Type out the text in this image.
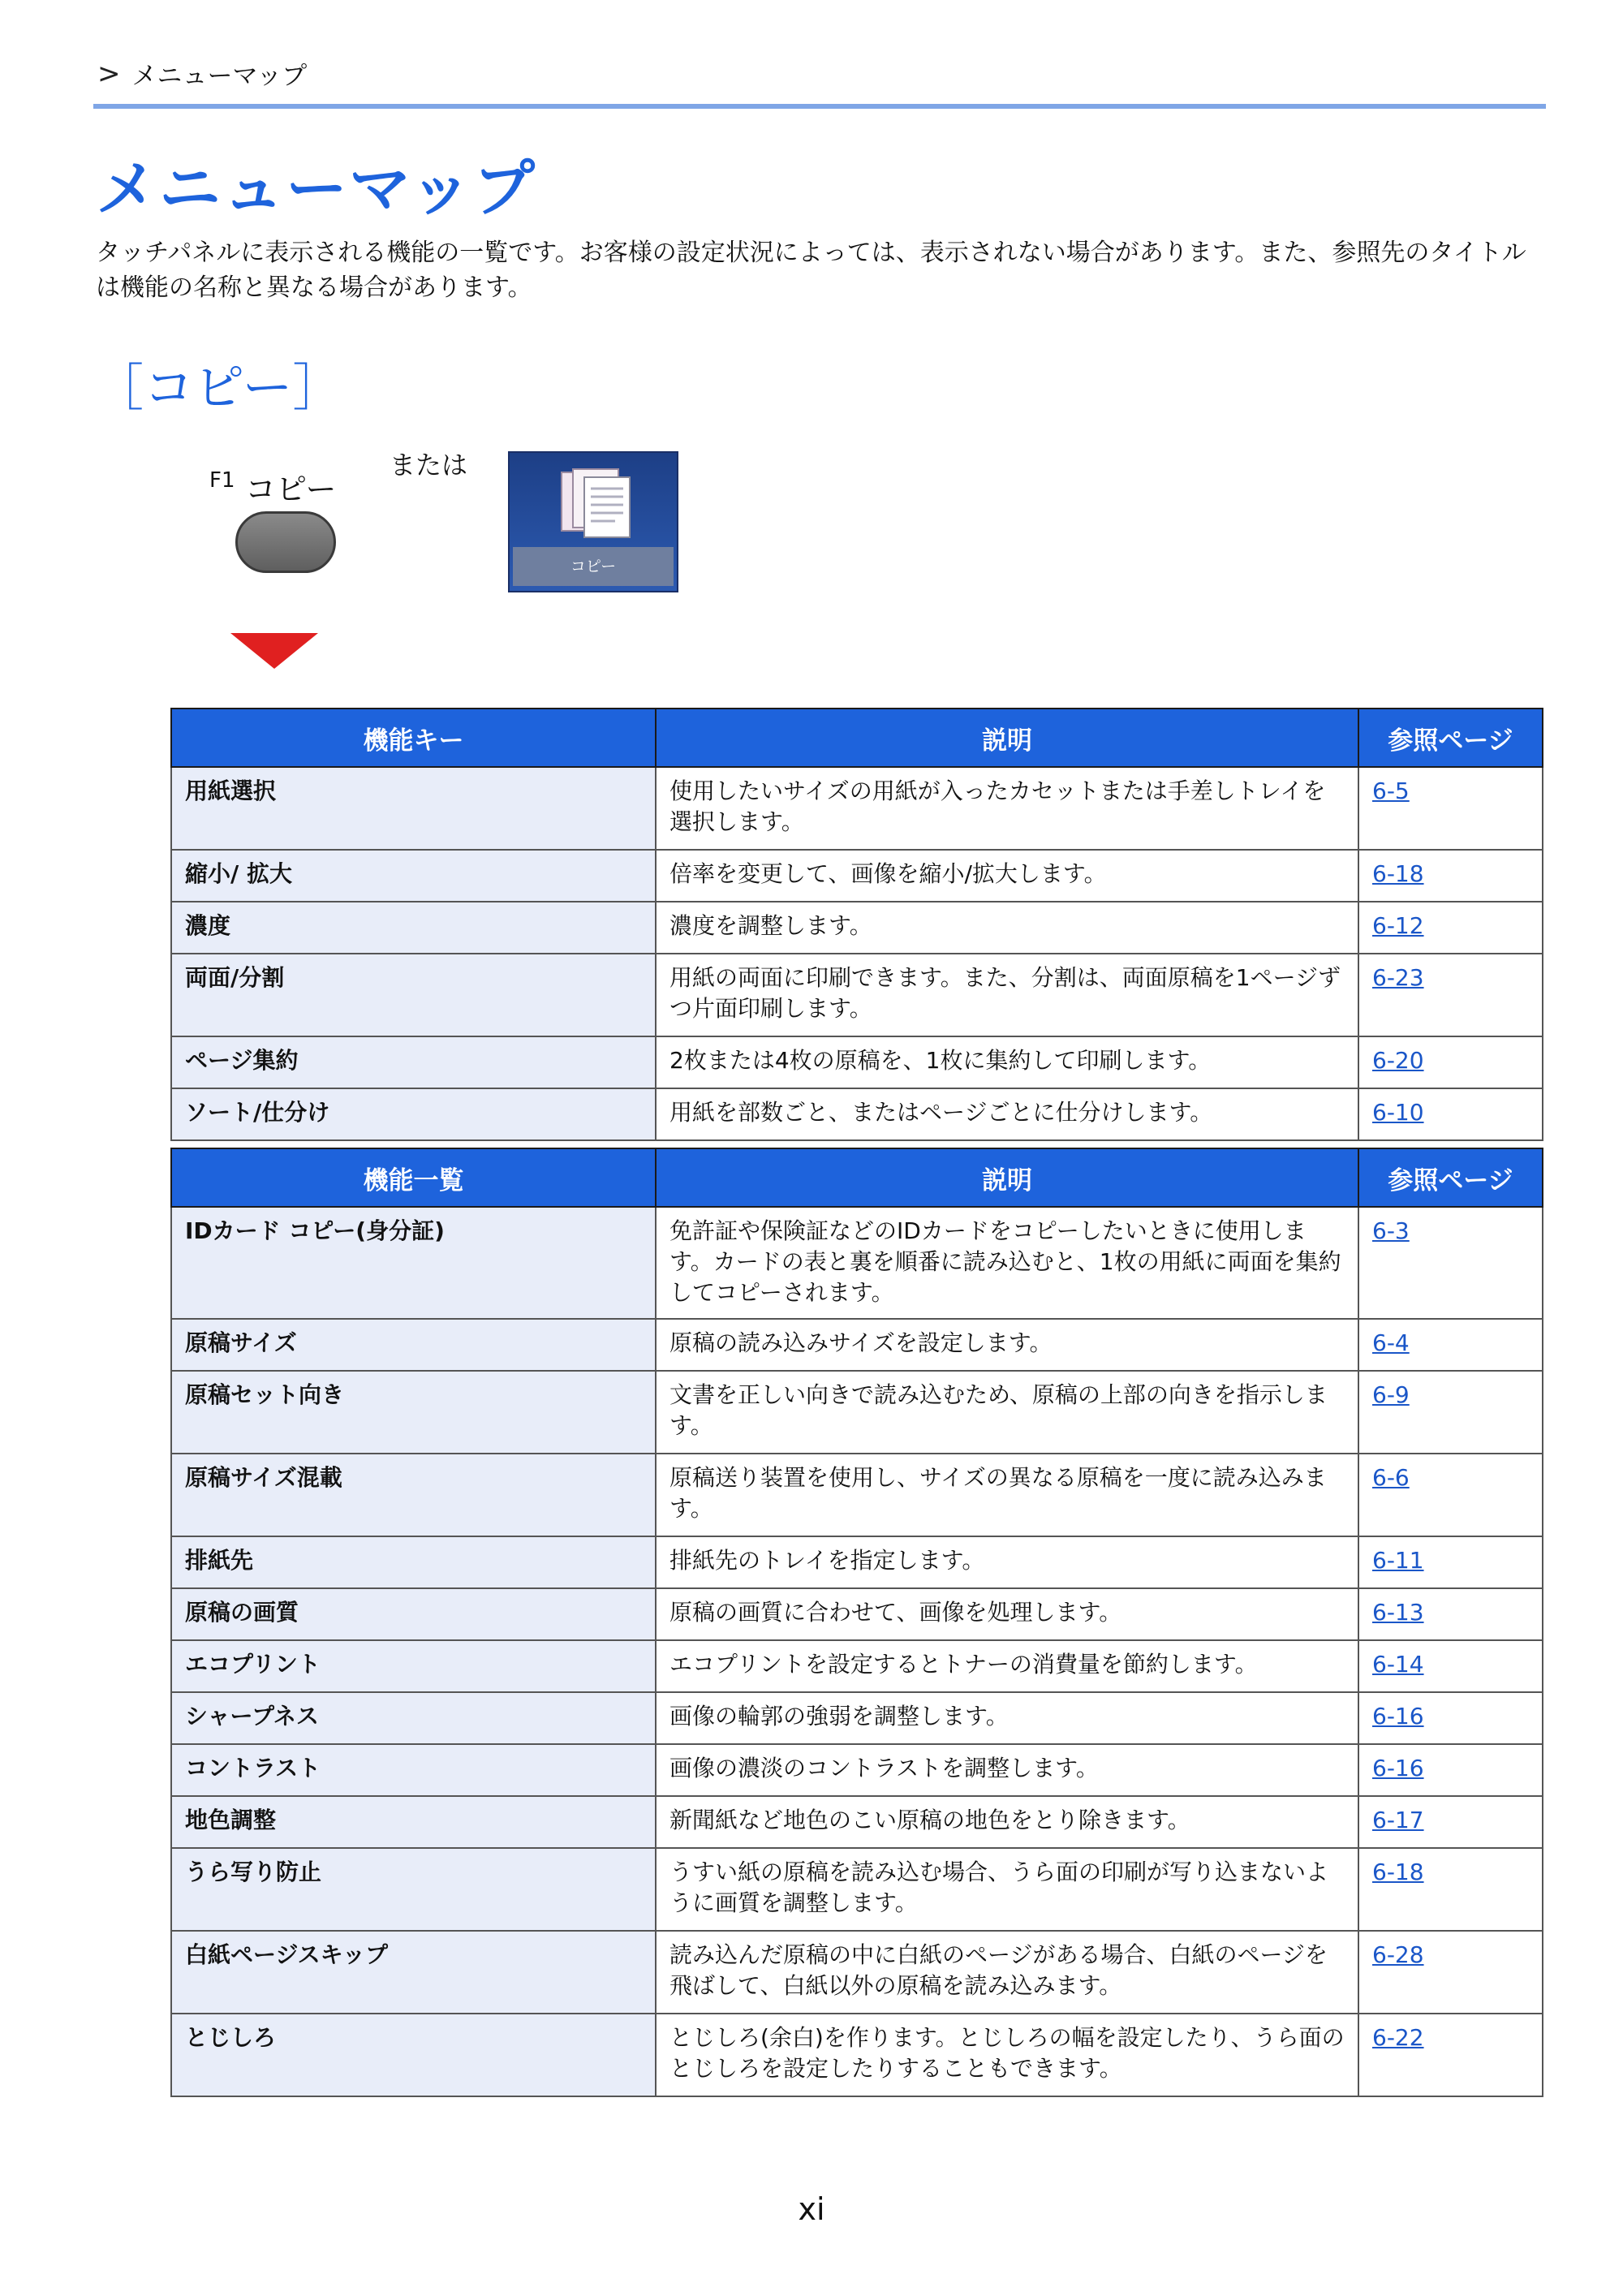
> メニューマップ
メニューマップ

タッチパネルに表示される機能の一覧です。お客様の設定状況によっては、表示されない場合があります。また、参照先のタイトルは機能の名称と異なる場合があります。

［コピー］
F1 コピー
または
コピー
機能キー	説明	参照ページ
用紙選択	使用したいサイズの用紙が入ったカセットまたは手差しトレイを選択します。	6-5
縮小/ 拡大	倍率を変更して、画像を縮小/拡大します。	6-18
濃度	濃度を調整します。	6-12
両面/分割	用紙の両面に印刷できます。また、分割は、両面原稿を1ページずつ片面印刷します。	6-23
ページ集約	2枚または4枚の原稿を、1枚に集約して印刷します。	6-20
ソート/仕分け	用紙を部数ごと、またはページごとに仕分けします。	6-10
機能一覧	説明	参照ページ
IDカード コピー(身分証)	免許証や保険証などのIDカードをコピーしたいときに使用します。カードの表と裏を順番に読み込むと、1枚の用紙に両面を集約してコピーされます。	6-3
原稿サイズ	原稿の読み込みサイズを設定します。	6-4
原稿セット向き	文書を正しい向きで読み込むため、原稿の上部の向きを指示します。	6-9
原稿サイズ混載	原稿送り装置を使用し、サイズの異なる原稿を一度に読み込みます。	6-6
排紙先	排紙先のトレイを指定します。	6-11
原稿の画質	原稿の画質に合わせて、画像を処理します。	6-13
エコプリント	エコプリントを設定するとトナーの消費量を節約します。	6-14
シャープネス	画像の輪郭の強弱を調整します。	6-16
コントラスト	画像の濃淡のコントラストを調整します。	6-16
地色調整	新聞紙など地色のこい原稿の地色をとり除きます。	6-17
うら写り防止	うすい紙の原稿を読み込む場合、うら面の印刷が写り込まないように画質を調整します。	6-18
白紙ページスキップ	読み込んだ原稿の中に白紙のページがある場合、白紙のページを飛ばして、白紙以外の原稿を読み込みます。	6-28
とじしろ	とじしろ(余白)を作ります。とじしろの幅を設定したり、うら面のとじしろを設定したりすることもできます。	6-22
xi
